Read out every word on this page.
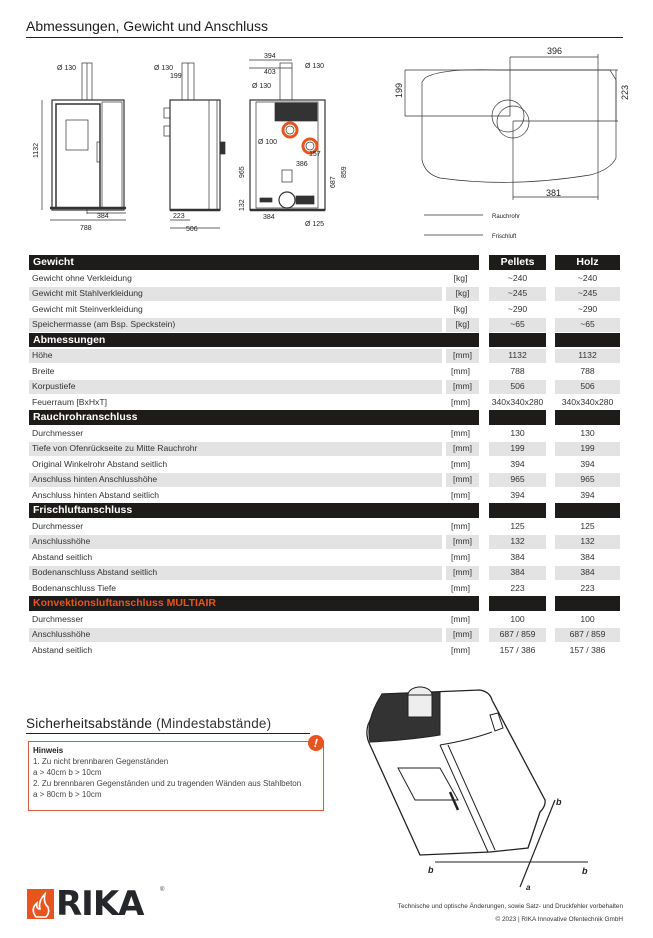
Abmessungen, Gewicht und Anschluss
Ø 130
1132
384
788
Ø 130
199
223
506
394
403
Ø 130
Ø 130
Ø 100
157
386
965
687
859
132
384
Ø 125
396
199	223
381
Rauchrohr
Frischluft
Gewicht	Pellets	Holz
Gewicht ohne Verkleidung	[kg]	~240	~240
Gewicht mit Stahlverkleidung	[kg]	~245	~245
Gewicht mit Steinverkleidung	[kg]	~290	~290
Speichermasse (am Bsp. Speckstein)	[kg]	~65	~65
Abmessungen
Höhe	[mm]	1132	1132
Breite	[mm]	788	788
Korpustiefe	[mm]	506	506
Feuerraum [BxHxT]	[mm]	340x340x280	340x340x280
Rauchrohranschluss
Durchmesser	[mm]	130	130
Tiefe von Ofenrückseite zu Mitte Rauchrohr	[mm]	199	199
Original Winkelrohr Abstand seitlich	[mm]	394	394
Anschluss hinten Anschlusshöhe	[mm]	965	965
Anschluss hinten Abstand seitlich	[mm]	394	394
Frischluftanschluss
Durchmesser	[mm]	125	125
Anschlusshöhe	[mm]	132	132
Abstand seitlich	[mm]	384	384
Bodenanschluss Abstand seitlich	[mm]	384	384
Bodenanschluss Tiefe	[mm]	223	223
Konvektionsluftanschluss MULTIAIR
Durchmesser	[mm]	100	100
Anschlusshöhe	[mm]	687 / 859	687 / 859
Abstand seitlich	[mm]	157 / 386	157 / 386
Sicherheitsabstände (Mindestabstände)
Hinweis
1. Zu nicht brennbaren Gegenständen
a > 40cm b > 10cm
2. Zu brennbaren Gegenständen und zu tragenden Wänden aus Stahlbeton
a > 80cm b > 10cm
!
b
b	b
a
RIKA	®
Technische und optische Änderungen, sowie Satz- und Druckfehler vorbehalten
© 2023 | RIKA Innovative Ofentechnik GmbH
